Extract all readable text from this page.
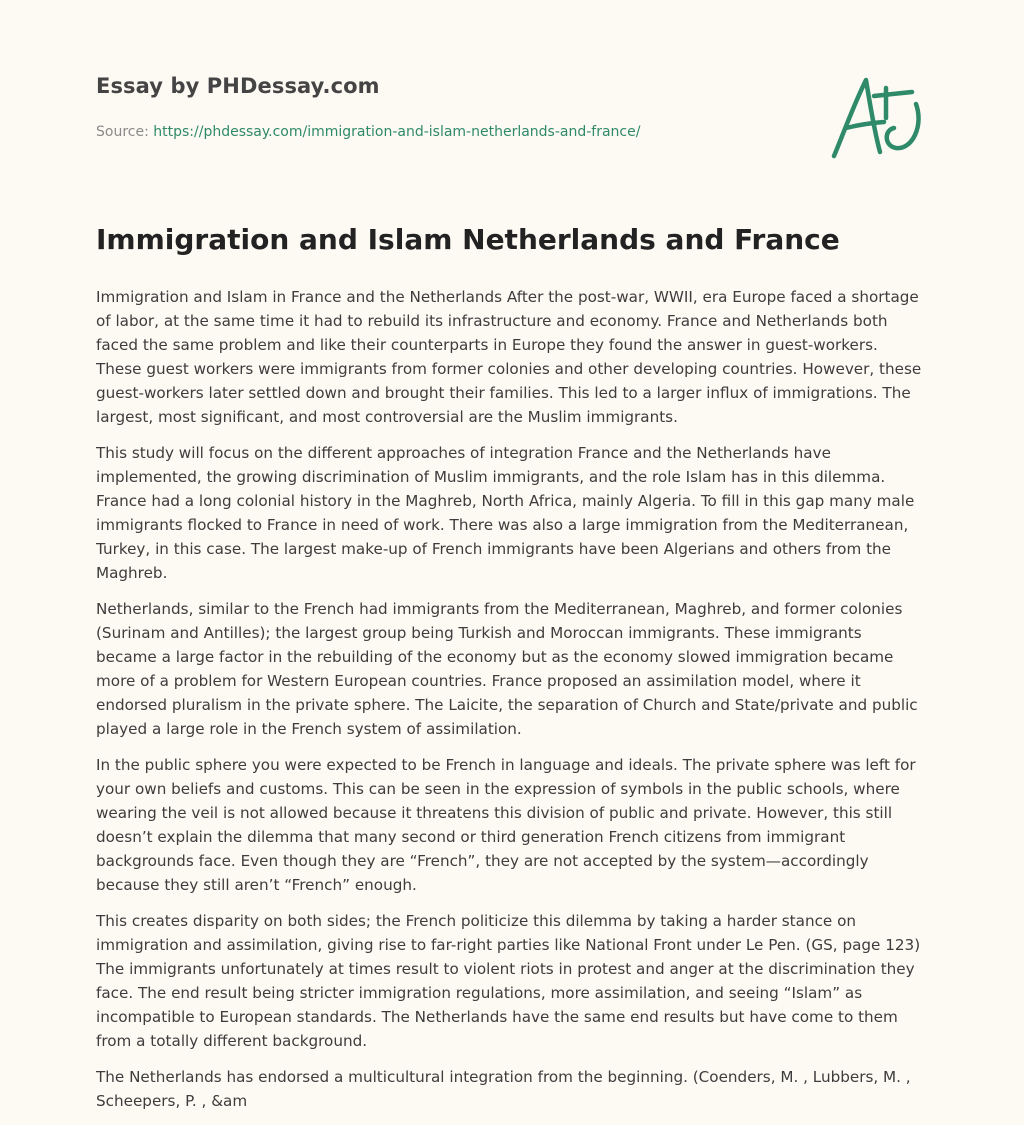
Essay by PHDessay.com
Source: https://phdessay.com/immigration-and-islam-netherlands-and-france/
Immigration and Islam Netherlands and France

Immigration and Islam in France and the Netherlands After the post-war, WWII, era Europe faced a shortage of labor, at the same time it had to rebuild its infrastructure and economy. France and Netherlands both faced the same problem and like their counterparts in Europe they found the answer in guest-workers. These guest workers were immigrants from former colonies and other developing countries. However, these guest-workers later settled down and brought their families. This led to a larger influx of immigrations. The largest, most significant, and most controversial are the Muslim immigrants.

This study will focus on the different approaches of integration France and the Netherlands have implemented, the growing discrimination of Muslim immigrants, and the role Islam has in this dilemma. France had a long colonial history in the Maghreb, North Africa, mainly Algeria. To fill in this gap many male immigrants flocked to France in need of work. There was also a large immigration from the Mediterranean, Turkey, in this case. The largest make-up of French immigrants have been Algerians and others from the Maghreb.

Netherlands, similar to the French had immigrants from the Mediterranean, Maghreb, and former colonies (Surinam and Antilles); the largest group being Turkish and Moroccan immigrants. These immigrants became a large factor in the rebuilding of the economy but as the economy slowed immigration became more of a problem for Western European countries. France proposed an assimilation model, where it endorsed pluralism in the private sphere. The Laicite, the separation of Church and State/private and public played a large role in the French system of assimilation.

In the public sphere you were expected to be French in language and ideals. The private sphere was left for your own beliefs and customs. This can be seen in the expression of symbols in the public schools, where wearing the veil is not allowed because it threatens this division of public and private. However, this still doesn’t explain the dilemma that many second or third generation French citizens from immigrant backgrounds face. Even though they are “French”, they are not accepted by the system—accordingly because they still aren’t “French” enough.

This creates disparity on both sides; the French politicize this dilemma by taking a harder stance on immigration and assimilation, giving rise to far-right parties like National Front under Le Pen. (GS, page 123) The immigrants unfortunately at times result to violent riots in protest and anger at the discrimination they face. The end result being stricter immigration regulations, more assimilation, and seeing “Islam” as incompatible to European standards. The Netherlands have the same end results but have come to them from a totally different background.

The Netherlands has endorsed a multicultural integration from the beginning. (Coenders, M. , Lubbers, M. , Scheepers, P. , &am
